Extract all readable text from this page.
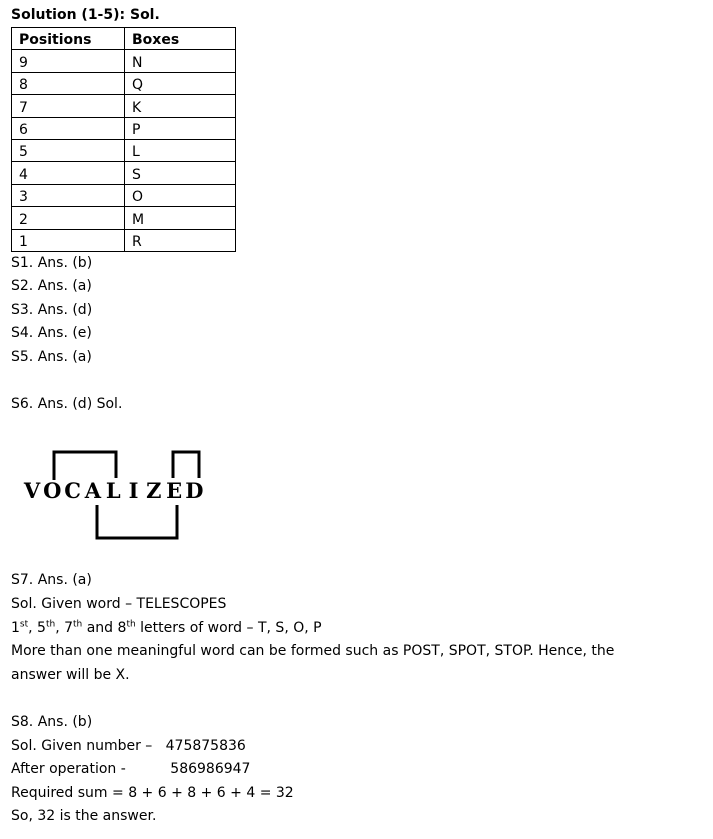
Solution (1-5): Sol.
Positions	Boxes
9	N
8	Q
7	K
6	P
5	L
4	S
3	O
2	M
1	R
S1. Ans. (b)
S2. Ans. (a)
S3. Ans. (d)
S4. Ans. (e)
S5. Ans. (a)
S6. Ans. (d) Sol.
V O C A L I Z E D
S7. Ans. (a)
Sol. Given word – TELESCOPES
1st, 5th, 7th and 8th letters of word – T, S, O, P
More than one meaningful word can be formed such as POST, SPOT, STOP. Hence, the
answer will be X.
S8. Ans. (b)
Sol. Given number –   475875836
After operation -          586986947
Required sum = 8 + 6 + 8 + 6 + 4 = 32
So, 32 is the answer.
